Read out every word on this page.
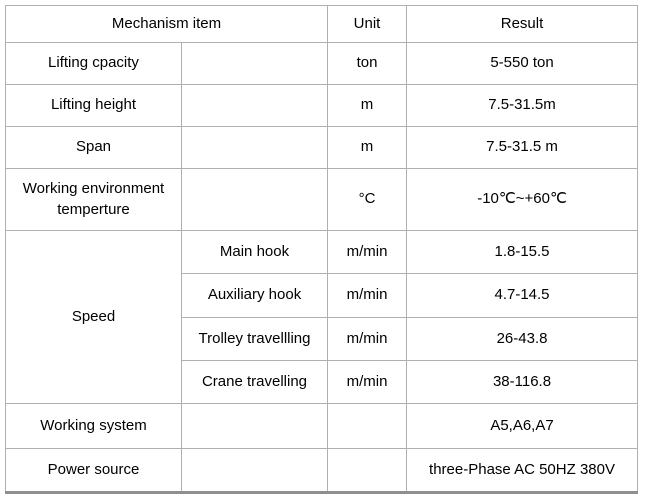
Mechanism item		Unit	Result
Lifting cpacity		ton	5-550 ton
Lifting height		m	7.5-31.5m
Span		m	7.5-31.5 m
Working environment temperture		°C	-10℃~+60℃
Speed	Main hook	m/min	1.8-15.5
	Auxiliary hook	m/min	4.7-14.5
	Trolley travellling	m/min	26-43.8
	Crane travelling	m/min	38-116.8
Working system			A5,A6,A7
Power source			three-Phase AC 50HZ 380V
